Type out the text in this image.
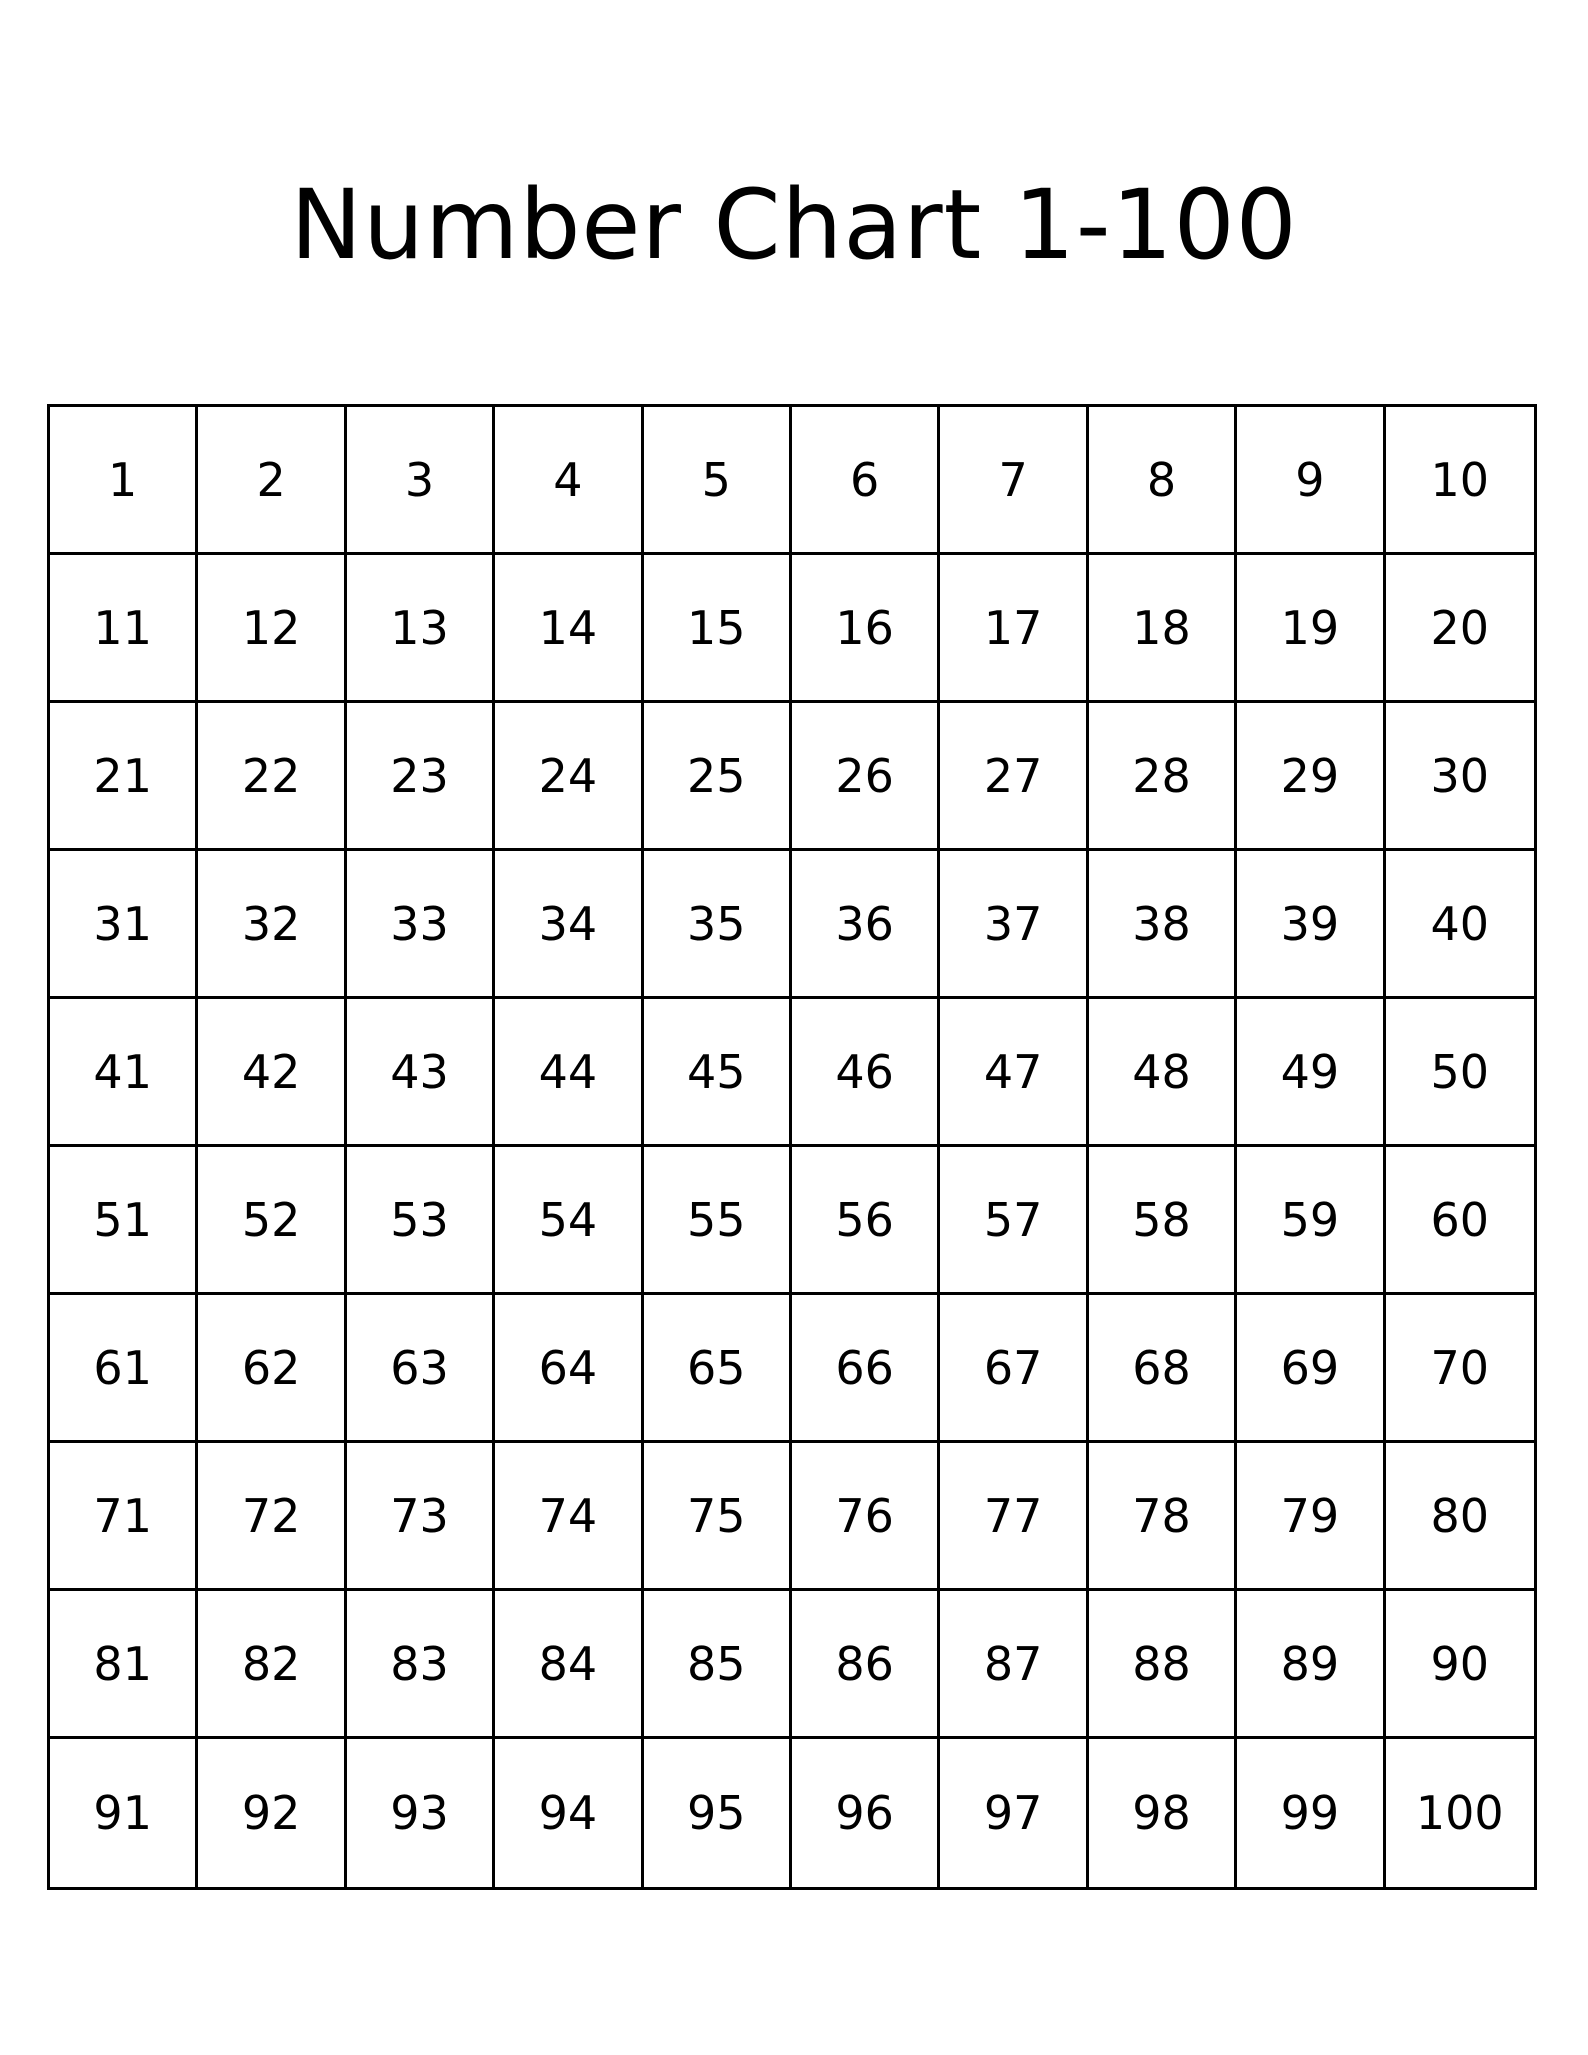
Number Chart 1-100
1	2	3	4	5	6	7	8	9	10
11	12	13	14	15	16	17	18	19	20
21	22	23	24	25	26	27	28	29	30
31	32	33	34	35	36	37	38	39	40
41	42	43	44	45	46	47	48	49	50
51	52	53	54	55	56	57	58	59	60
61	62	63	64	65	66	67	68	69	70
71	72	73	74	75	76	77	78	79	80
81	82	83	84	85	86	87	88	89	90
91	92	93	94	95	96	97	98	99	100
